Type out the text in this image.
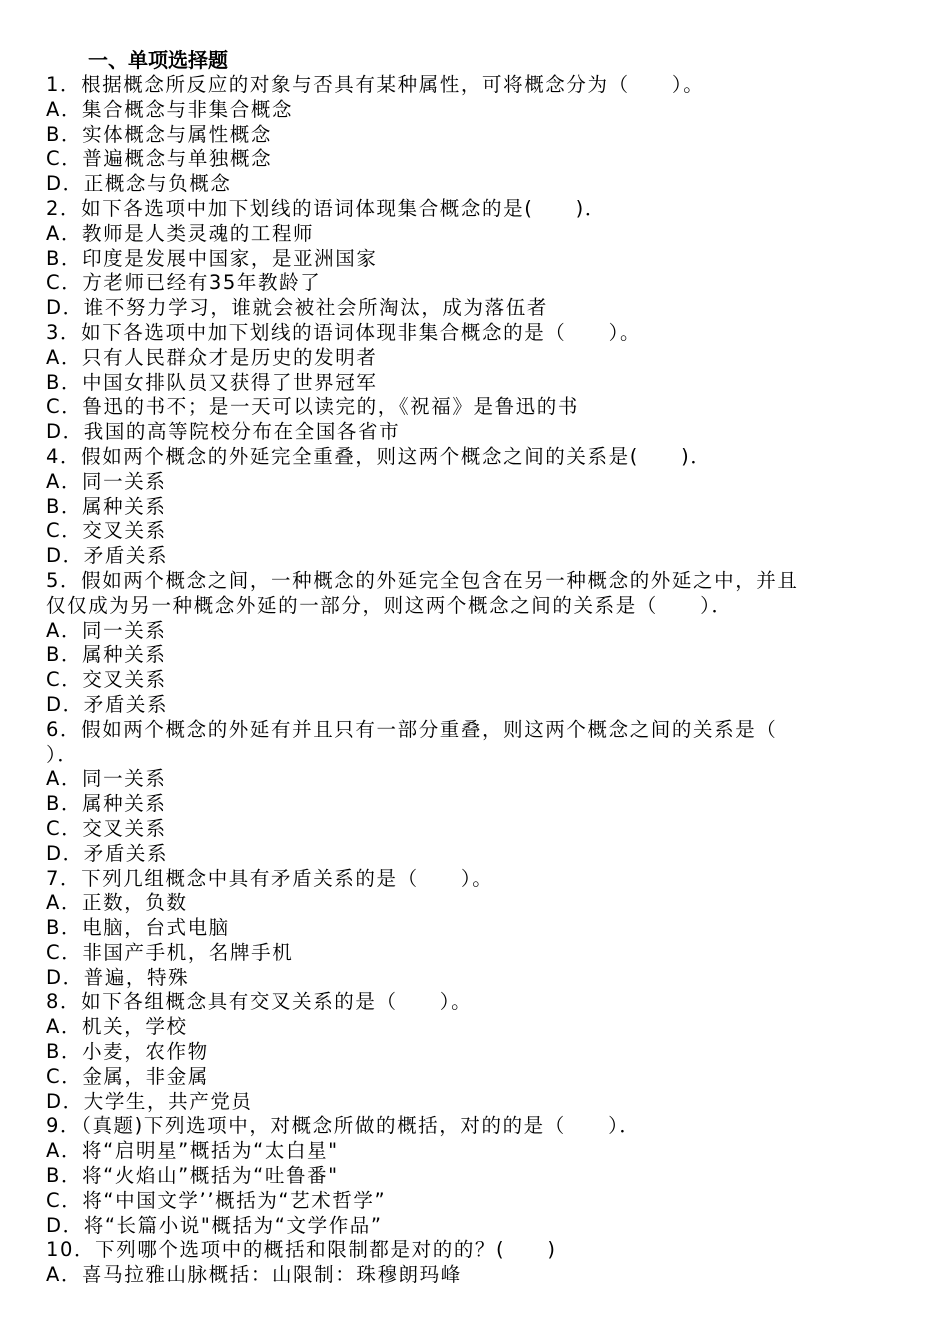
一、单项选择题
1．根据概念所反应的对象与否具有某种属性，可将概念分为（　　）。
A．集合概念与非集合概念
B．实体概念与属性概念
C．普遍概念与单独概念
D．正概念与负概念
2．如下各选项中加下划线的语词体现集合概念的是(　　)．
A．教师是人类灵魂的工程师
B．印度是发展中国家，是亚洲国家
C．方老师已经有35年教龄了
D．谁不努力学习，谁就会被社会所淘汰，成为落伍者
3．如下各选项中加下划线的语词体现非集合概念的是（　　）。
A．只有人民群众才是历史的发明者
B．中国女排队员又获得了世界冠军
C．鲁迅的书不；是一天可以读完的，《祝福》是鲁迅的书
D．我国的高等院校分布在全国各省市
4．假如两个概念的外延完全重叠，则这两个概念之间的关系是(　　)．
A．同一关系
B．属种关系
C．交叉关系
D．矛盾关系
5．假如两个概念之间，一种概念的外延完全包含在另一种概念的外延之中，并且
仅仅成为另一种概念外延的一部分，则这两个概念之间的关系是（　　）．
A．同一关系
B．属种关系
C．交叉关系
D．矛盾关系
6．假如两个概念的外延有并且只有一部分重叠，则这两个概念之间的关系是（
）．
A．同一关系
B．属种关系
C．交叉关系
D．矛盾关系
7．下列几组概念中具有矛盾关系的是（　　）。
A．正数，负数
B．电脑，台式电脑
C．非国产手机，名牌手机
D．普遍，特殊
8．如下各组概念具有交叉关系的是（　　）。
A．机关，学校
B．小麦，农作物
C．金属，非金属
D．大学生，共产党员
9．（真题)下列选项中，对概念所做的概括，对的的是（　　）．
A．将“启明星”概括为“太白星"
B．将“火焰山”概括为“吐鲁番"
C．将“中国文学’’概括为“艺术哲学”
D．将“长篇小说"概括为“文学作品”
10．下列哪个选项中的概括和限制都是对的的？(　　)
A．喜马拉雅山脉概括：山限制：珠穆朗玛峰
